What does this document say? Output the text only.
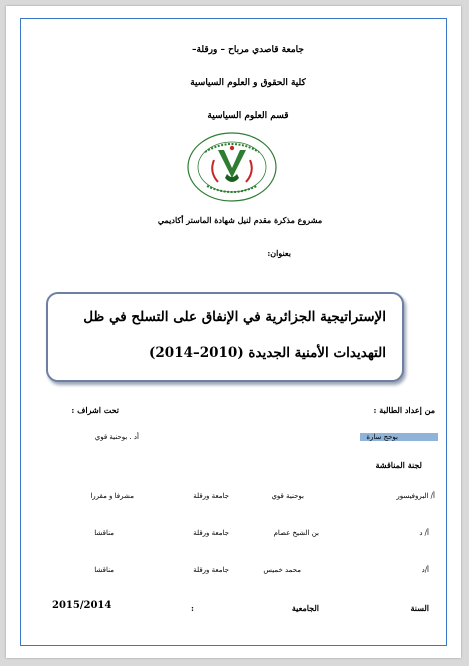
جامعة قاصدي مرباح – ورقلة–
كلية الحقوق و العلوم السياسية
قسم العلوم السياسية
مشروع مذكرة مقدم لنيل شهادة الماستر أكاديمي
بعنوان:
الإستراتيجية الجزائرية في الإنفاق على التسلح في ظل
التهديدات الأمنية الجديدة (2010–2014)
من إعداد الطالبة :
تحت اشراف :
بوحج سارة
أد . بوحنية قوي
لجنة المناقشة
أ/ البروفيسور
بوحنية قوي
جامعة ورقلة
مشرفا و مقررا
أ/ د
بن الشيخ عصام
جامعة ورقلة
مناقشا
أ/د
محمد خميس
جامعة ورقلة
مناقشا
السنة
الجامعية
:
2015/2014
